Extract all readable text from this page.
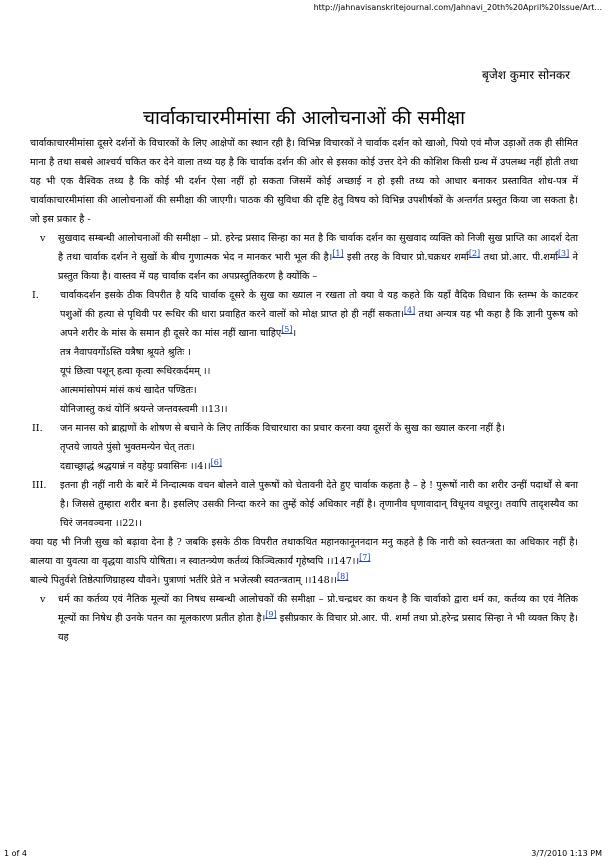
http://jahnavisanskritejournal.com/Jahnavi_20th%20April%20Issue/Art...
बृजेश कुमार सोनकर
चार्वाकाचारमीमांसा की आलोचनाओं की समीक्षा

चार्वाकाचारमीमांसा दूसरे दर्शनों के विचारकों के लिए आक्षेपों का स्थान रही है। विभिन्न विचारकों ने चार्वाक दर्शन को खाओ, पियो एवं मौज उड़ाओं तक ही सीमित माना है तथा सबसे आश्चर्य चकित कर देने वाला तथ्य यह है कि चार्वाक दर्शन की ओर से इसका कोई उत्तर देने की कोशिश किसी ग्रन्थ में उपलब्ध नहीं होती तथा यह भी एक वैश्विक तथ्य है कि कोई भी दर्शन ऐसा नहीं हो सकता जिसमें कोई अच्छाई न हो इसी तथ्य को आधार बनाकर प्रस्तावित शोध-पत्र में चार्वाकाचारमीमांसा की आलोचनाओं की समीक्षा की जाएगी। पाठक की सुविधा की दृष्टि हेतु विषय को विभिन्न उपशीर्षकों के अन्तर्गत प्रस्तुत किया जा सकता है। जो इस प्रकार है -

v सुखवाद सम्बन्धी आलोचनाओं की समीक्षा – प्रो. हरेन्द्र प्रसाद सिन्हा का मत है कि चार्वाक दर्शन का सुखवाद व्यक्ति को निजी सुख प्राप्ति का आदर्श देता है तथा चार्वाक दर्शन ने सुखों के बीच गुणात्मक भेद न मानकर भारी भूल की है।[1] इसी तरह के विचार प्रो.चक्रधर शर्मा[2] तथा प्रो.आर. पी.शर्मा[3] ने प्रस्तुत किया है। वास्तव में यह चार्वाक दर्शन का अपप्रस्तुतिकरण है क्योंकि –
I. चार्वाकदर्शन इसके ठीक विपरीत है यदि चार्वाक दूसरे के सुख का ख्याल न रखता तो क्या वे यह कहते कि यहाँ वैदिक विधान कि स्तम्भ के काटकर पशुओं की हत्या से पृथिवी पर रूधिर की धारा प्रवाहित करने वालों को मोक्ष प्राप्त हो ही नहीं सकता।[4] तथा अन्यत्र यह भी कहा है कि ज्ञानी पुरूष को अपने शरीर के मांस के समान ही दूसरे का मांस नहीं खाना चाहिए[5]।
तत्र नैवापवर्गोऽस्ति यत्रैषा श्रूयते श्रुतिः ।
यूपं छित्वा पशून् हत्वा कृत्वा रूधिरकर्दमम् ।।
आत्ममांसोपमं मांसं कथं खादेत पण्डितः।
योनिजास्तु कथं योनिं श्रयन्ते जन्तवस्त्वमी ।।13।।
II. जन मानस को ब्राह्मणों के शोषण से बचाने के लिए तार्किक विचारधारा का प्रचार करना क्या दूसरों के सुख का ख्याल करना नहीं है।
तृप्तये जायते पुंसो भुक्तमन्येन चेत् ततः।
दद्याच्छ्राद्धं श्रद्धयान्नं न वहेयुः प्रवासिनः ।।4।।[6]
III. इतना ही नहीं नारी के बारें में निन्दात्मक वचन बोलने वाले पुरूषों को चेतावनी देते हुए चार्वाक कहता है – हे ! पुरूषों नारी का शरीर उन्हीं पदार्थों से बना है। जिससे तुम्हारा शरीर बना है। इसलिए उसकी निन्दा करने का तुम्हें कोई अधिकार नहीं है। तृणानीव घृणावादान् विधूनय वधूरनु। तवापि तादृशस्यैव का चिरं जनवञ्चना ।।22।।

क्या यह भी निजी सुख को बढ़ावा देना है ? जबकि इसके ठीक विपरीत तथाकथित महानकानूननदान मनु कहते है कि नारी को स्वतन्त्रता का अधिकार नहीं है। बालया वा युवत्या वा वृद्धया वाऽपि योषिता। न स्वातन्त्र्येण कर्तव्यं किञ्चित्कार्यं गृहेष्वपि ।।147।।[7]

बाल्ये पितुर्वशे तिष्ठेत्पाणिग्राहस्य यौवने। पुत्राणां भर्तरि प्रेते न भजेत्स्त्री स्वतन्त्रताम् ।।148।।[8]

v धर्म का कर्तव्य एवं नैतिक मूल्यों का निषध सम्बन्धी आलोचकों की समीक्षा – प्रो.चन्द्रधर का कथन है कि चार्वाको द्वारा धर्म का, कर्तव्य का एवं नैतिक मूल्यों का निषेध ही उनके पतन का मूलकारण प्रतीत होता है।[9] इसीप्रकार के विचार प्रो.आर. पी. शर्मा तथा प्रो.हरेन्द्र प्रसाद सिन्हा ने भी व्यक्त किए है। यह
1 of 4	3/7/2010 1:13 PM
